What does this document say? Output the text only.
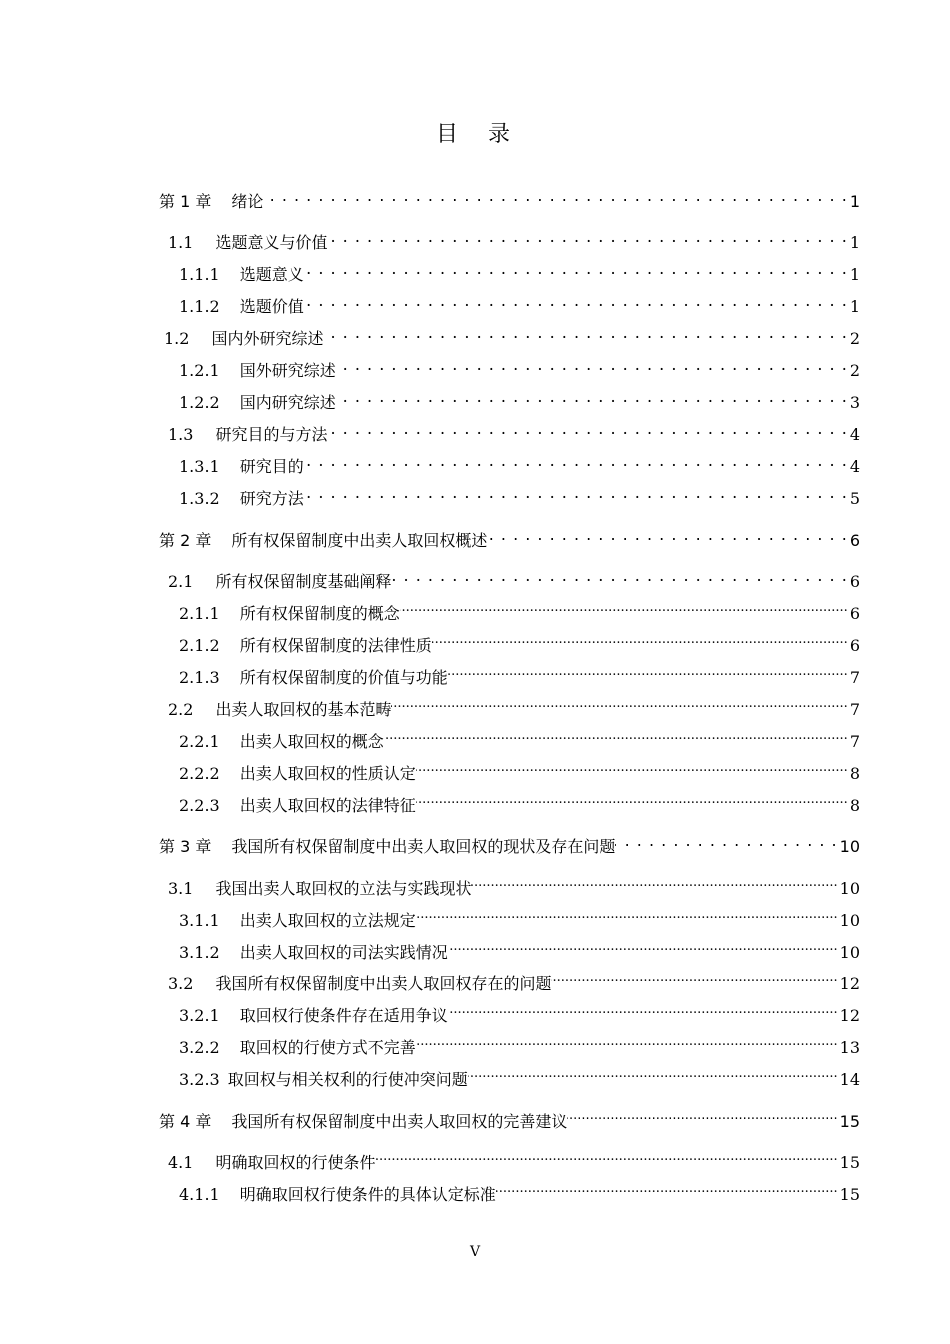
目　录
第 1 章 绪论 . . .	1
1.1 选题意义与价值 . . .	1
1.1.1 选题意义 . . .	1
1.1.2 选题价值 . . .	1
1.2 国内外研究综述 . . .	2
1.2.1 国外研究综述 . . .	2
1.2.2 国内研究综述 . . .	3
1.3 研究目的与方法 . . .	4
1.3.1 研究目的 . . .	4
1.3.2 研究方法 . . .	5
第 2 章 所有权保留制度中出卖人取回权概述 . . .	6
2.1 所有权保留制度基础阐释 . . .	6
2.1.1 所有权保留制度的概念 .....	6
2.1.2 所有权保留制度的法律性质 .....	6
2.1.3 所有权保留制度的价值与功能 .....	7
2.2 出卖人取回权的基本范畴 .....	7
2.2.1 出卖人取回权的概念 .....	7
2.2.2 出卖人取回权的性质认定 .....	8
2.2.3 出卖人取回权的法律特征 .....	8
第 3 章 我国所有权保留制度中出卖人取回权的现状及存在问题 . . .	10
3.1 我国出卖人取回权的立法与实践现状 .....	10
3.1.1 出卖人取回权的立法规定 .....	10
3.1.2 出卖人取回权的司法实践情况 .....	10
3.2 我国所有权保留制度中出卖人取回权存在的问题 .....	12
3.2.1 取回权行使条件存在适用争议 .....	12
3.2.2 取回权的行使方式不完善 .....	13
3.2.3 取回权与相关权利的行使冲突问题 .....	14
第 4 章 我国所有权保留制度中出卖人取回权的完善建议 .....	15
4.1 明确取回权的行使条件 .....	15
4.1.1 明确取回权行使条件的具体认定标准 .....	15
V
